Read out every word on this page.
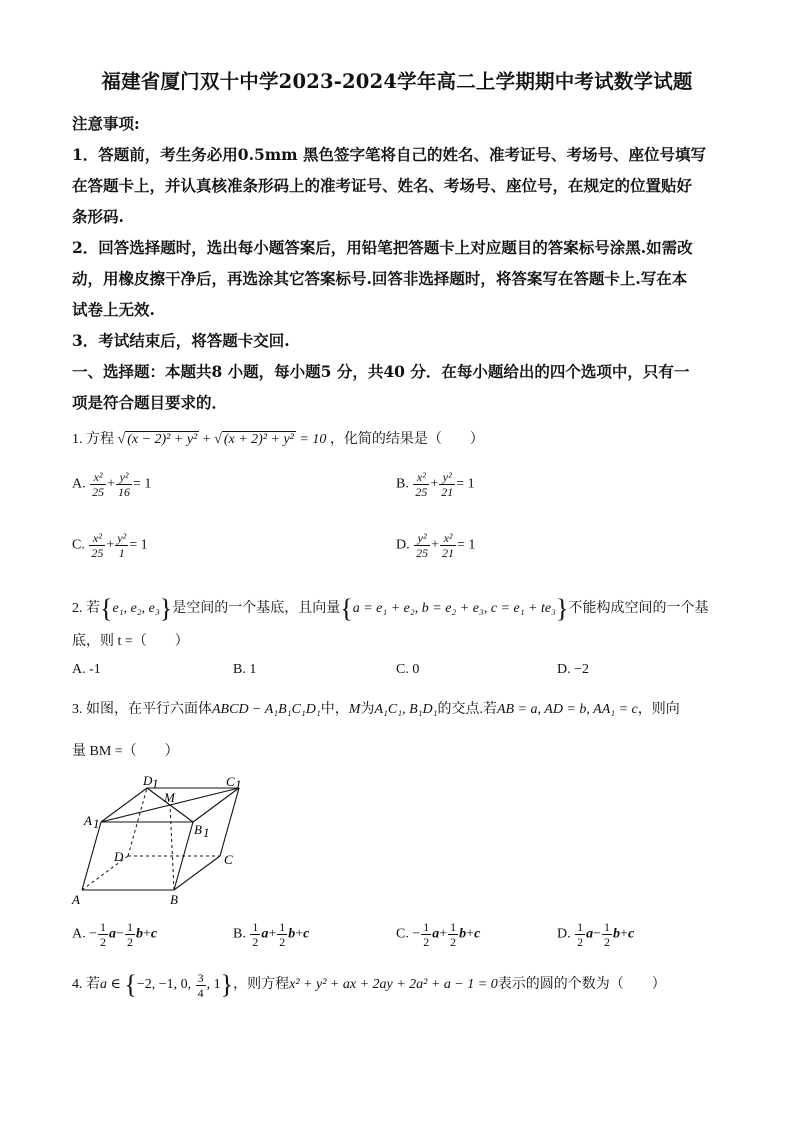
福建省厦门双十中学2023-2024学年高二上学期期中考试数学试题
注意事项:
1．答题前，考生务必用0.5mm 黑色签字笔将自己的姓名、准考证号、考场号、座位号填写
在答题卡上，并认真核准条形码上的准考证号、姓名、考场号、座位号，在规定的位置贴好
条形码.
2．回答选择题时，选出每小题答案后，用铅笔把答题卡上对应题目的答案标号涂黑.如需改
动，用橡皮擦干净后，再选涂其它答案标号.回答非选择题时，将答案写在答题卡上.写在本
试卷上无效.
3．考试结束后，将答题卡交回.
一、选择题：本题共8 小题，每小题5 分，共40 分．在每小题给出的四个选项中，只有一
项是符合题目要求的．
1. 方程 √ (x − 2)² + y² + √ (x + 2)² + y² = 10 ，化简的结果是（　　）
A. $\frac{\text{x²}}{25} + \frac{\text{y²}}{16} = 1$	B. $\frac{\text{x²}}{25} + \frac{\text{y²}}{21} = 1$
C. $\frac{\text{x²}}{25} + \frac{\text{y²}}{1} = 1$	D. $\frac{\text{y²}}{25} + \frac{\text{x²}}{21} = 1$
2. 若{e₁, e₂, e₃}是空间的一个基底，且向量{a = e₁ + e₂, b = e₂ + e₃, c = e₁ + te₃}不能构成空间的一个基
底，则 t =（　　）
A. -1	B. 1	C. 0	D. −2
3. 如图，在平行六面体ABCD − A₁B₁C₁D₁中，M为A₁C₁, B₁D₁的交点.若AB = a, AD = b, AA₁ = c，则向
量 BM =（　　）
A	B
C
D
A 1	B 1
C 1
D 1
M
A. − $\frac{1}{2} a- \frac{1}{2} b+c$	B. $\frac{1}{2} a+ \frac{1}{2} b+c$	C. − $\frac{1}{2} a+ \frac{1}{2} b+c$	D. $\frac{1}{2} a- \frac{1}{2} b+c$
4. 若a ∈ {−2, −1, 0, $\frac{3}{4}$ , 1}，则方程x² + y² + ax + 2ay + 2a² + a − 1 = 0表示的圆的个数为（　　）
